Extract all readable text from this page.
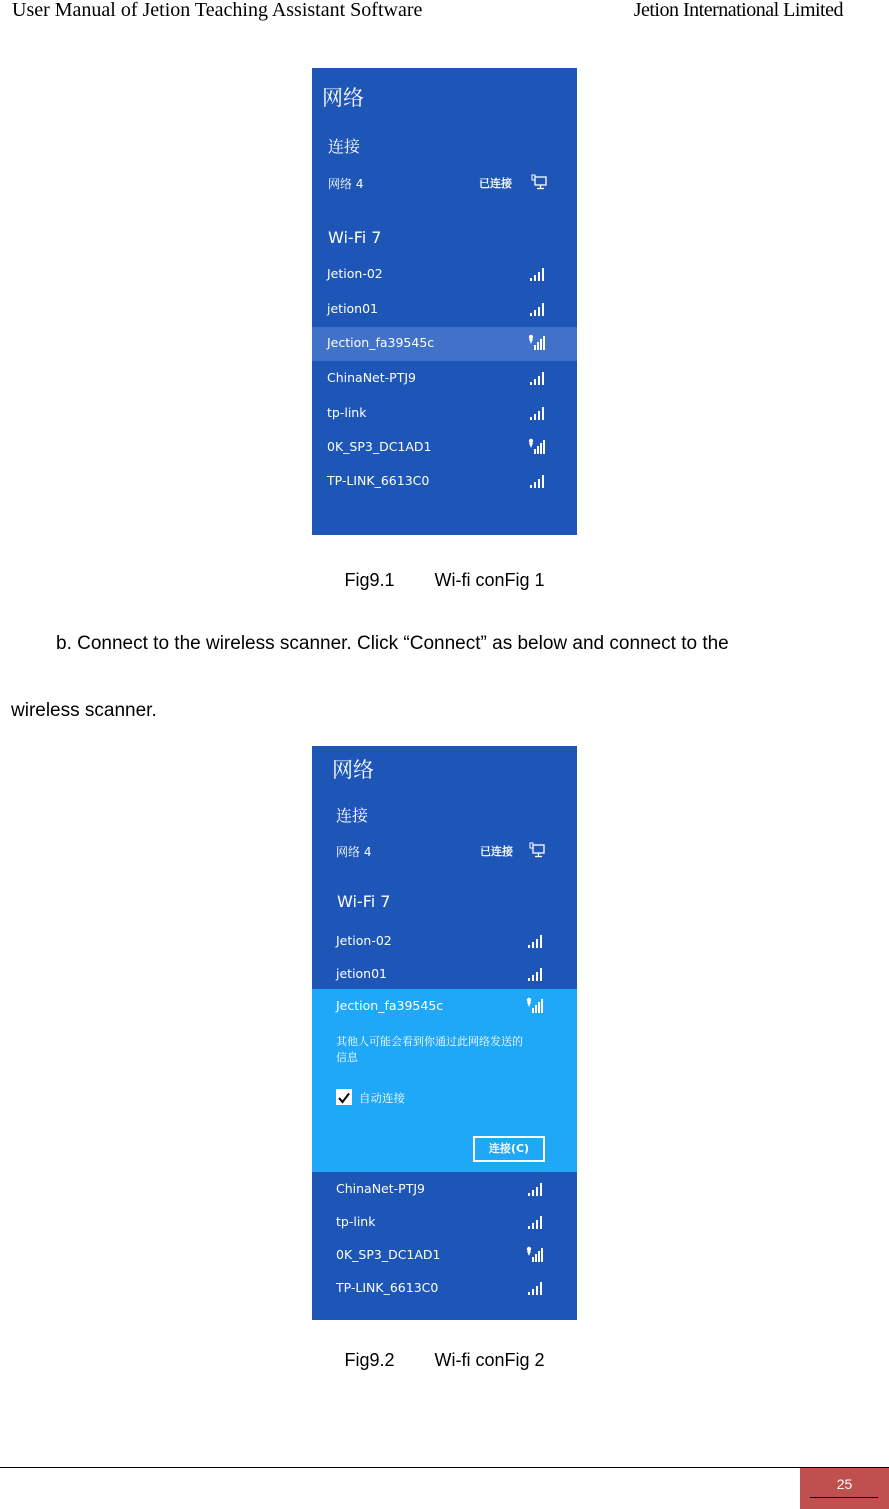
User Manual of Jetion Teaching Assistant Software	Jetion International Limited
网络
连接
网络 4	已连接
Wi-Fi 7
Jetion-02
jetion01
Jection_fa39545c
ChinaNet-PTJ9
tp-link
0K_SP3_DC1AD1
TP-LINK_6613C0
Fig9.1 Wi-fi conFig 1
b. Connect to the wireless scanner. Click “Connect” as below and connect to the
wireless scanner.
网络
连接
网络 4	已连接
Wi-Fi 7
Jetion-02
jetion01
Jection_fa39545c
其他人可能会看到你通过此网络发送的
信息
自动连接
连接(C)
ChinaNet-PTJ9
tp-link
0K_SP3_DC1AD1
TP-LINK_6613C0
Fig9.2 Wi-fi conFig 2
25
